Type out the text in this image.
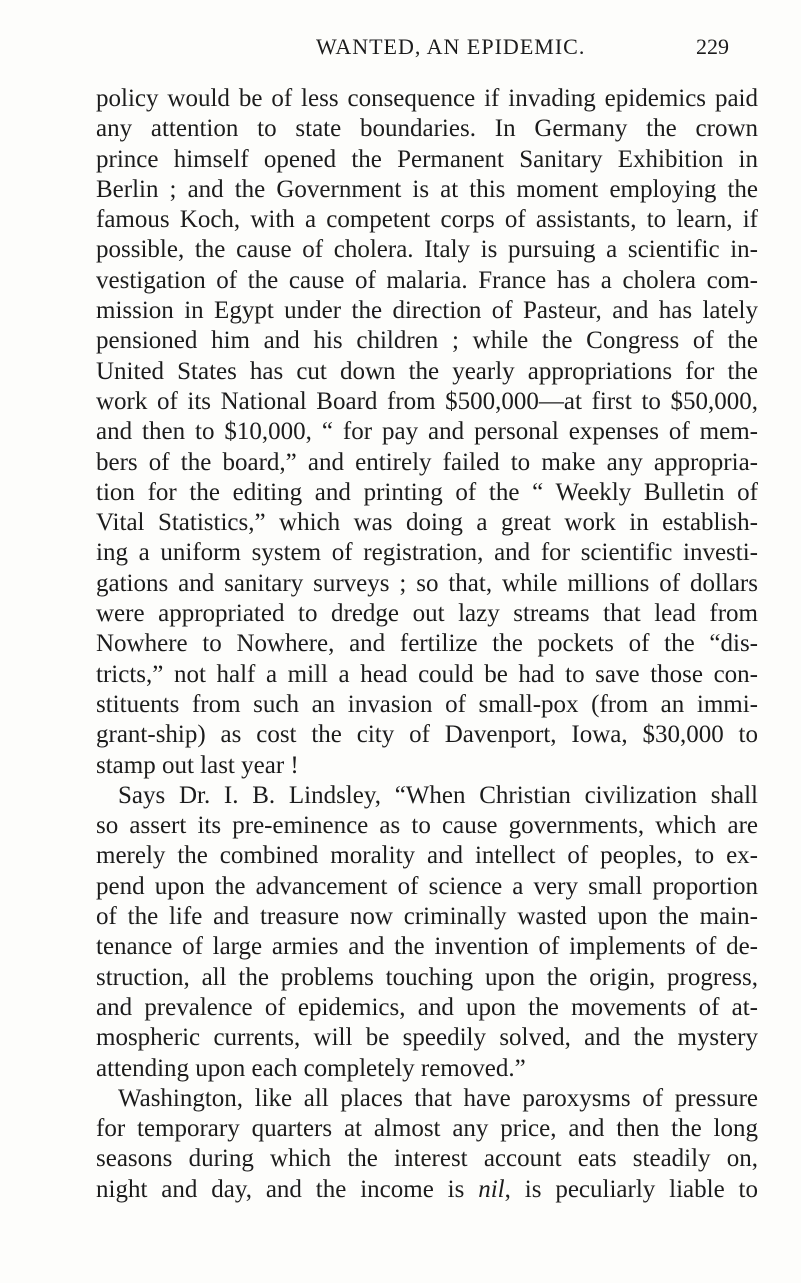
WANTED, AN EPIDEMIC.	229
policy would be of less consequence if invading epidemics paid
any attention to state boundaries. In Germany the crown
prince himself opened the Permanent Sanitary Exhibition in
Berlin ; and the Government is at this moment employing the
famous Koch, with a competent corps of assistants, to learn, if
possible, the cause of cholera. Italy is pursuing a scientific in-
vestigation of the cause of malaria. France has a cholera com-
mission in Egypt under the direction of Pasteur, and has lately
pensioned him and his children ; while the Congress of the
United States has cut down the yearly appropriations for the
work of its National Board from $500,000—at first to $50,000,
and then to $10,000, “ for pay and personal expenses of mem-
bers of the board,” and entirely failed to make any appropria-
tion for the editing and printing of the “ Weekly Bulletin of
Vital Statistics,” which was doing a great work in establish-
ing a uniform system of registration, and for scientific investi-
gations and sanitary surveys ; so that, while millions of dollars
were appropriated to dredge out lazy streams that lead from
Nowhere to Nowhere, and fertilize the pockets of the “dis-
tricts,” not half a mill a head could be had to save those con-
stituents from such an invasion of small-pox (from an immi-
grant-ship) as cost the city of Davenport, Iowa, $30,000 to
stamp out last year !
Says Dr. I. B. Lindsley, “When Christian civilization shall
so assert its pre-eminence as to cause governments, which are
merely the combined morality and intellect of peoples, to ex-
pend upon the advancement of science a very small proportion
of the life and treasure now criminally wasted upon the main-
tenance of large armies and the invention of implements of de-
struction, all the problems touching upon the origin, progress,
and prevalence of epidemics, and upon the movements of at-
mospheric currents, will be speedily solved, and the mystery
attending upon each completely removed.”
Washington, like all places that have paroxysms of pressure
for temporary quarters at almost any price, and then the long
seasons during which the interest account eats steadily on,
night and day, and the income is nil, is peculiarly liable to
